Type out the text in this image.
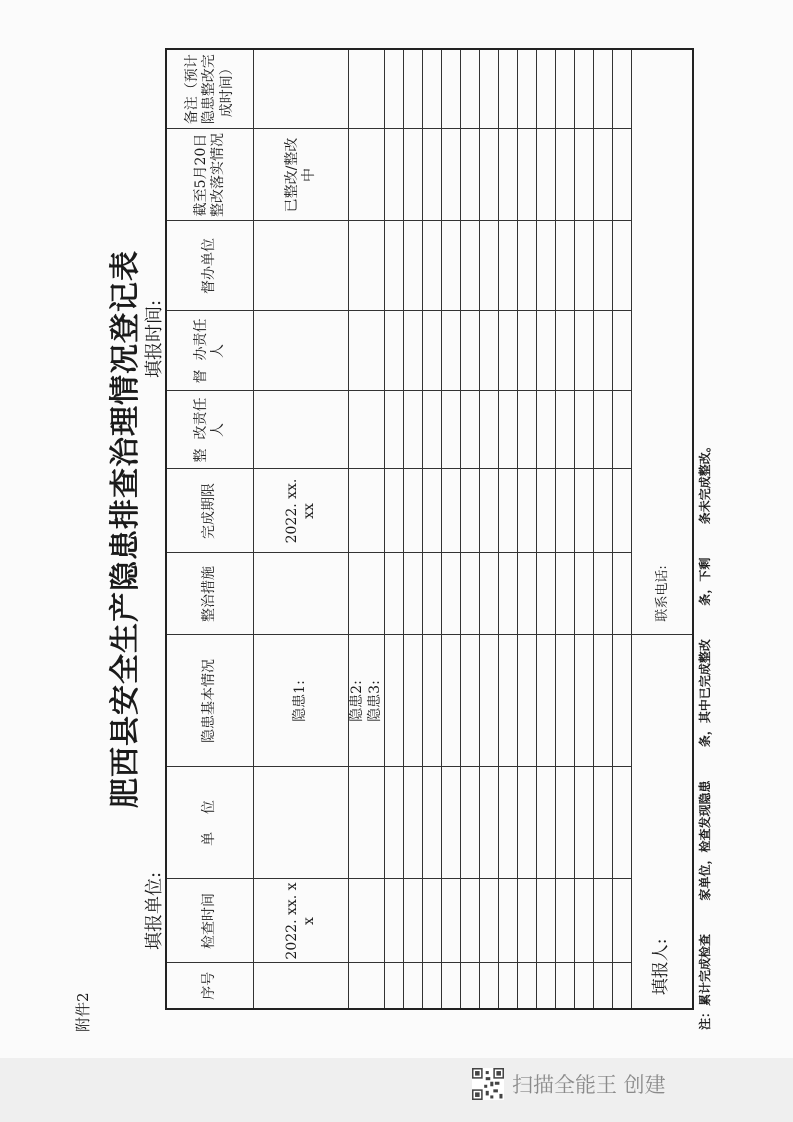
附件2
肥西县安全生产隐患排查治理情况登记表
填报单位:
填报时间:
序号	检查时间	单    位	隐患基本情况	整治措施	完成期限	整  改责任人	督  办责任人	督办单位	截至5月20日整改落实情况	备注（预计隐患整改完成时间）
	2022. xx. x x		隐患1:		2022. xx. xx				已整改/整改中	

			隐患2: 隐患3:							

填报人:				联系电话:						
注：累计完成检查        家单位，检查发现隐患        条，其中已完成整改        条，下剩        条未完成整改。
扫描全能王 创建
